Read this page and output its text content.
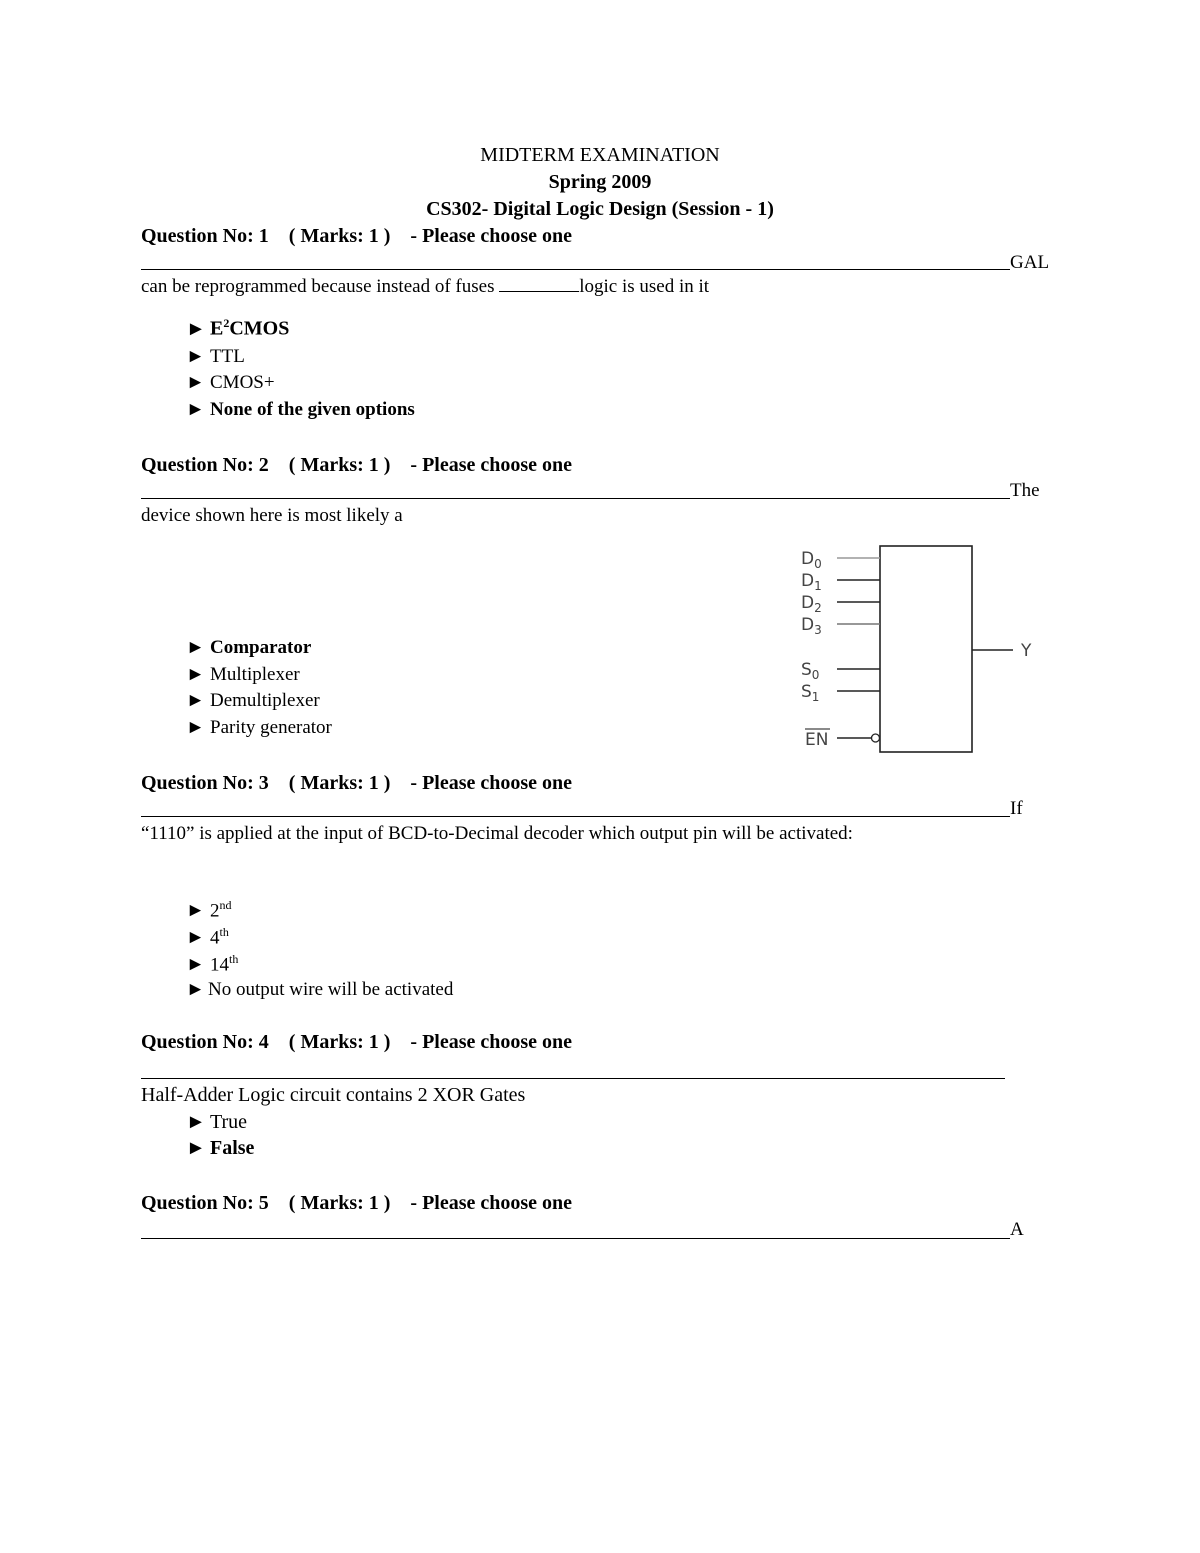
MIDTERM EXAMINATION
Spring 2009
CS302- Digital Logic Design (Session - 1)
Question No: 1    ( Marks: 1 )    - Please choose one
GAL
can be reprogrammed because instead of fuses	logic is used in it
► $E^2CMOS$
► TTL
► CMOS+
► None of the given options
Question No: 2    ( Marks: 1 )    - Please choose one
The
device shown here is most likely a
► Comparator
► Multiplexer
► Demultiplexer
► Parity generator
$D_0$
$D_1$
$D_2$
$D_3$
$S_0$
$S_1$
EN
Y
Question No: 3    ( Marks: 1 )    - Please choose one
If
“1110” is applied at the input of BCD-to-Decimal decoder which output pin will be activated:
► 2nd
► 4th
► 14th
► No output wire will be activated
Question No: 4    ( Marks: 1 )    - Please choose one
Half-Adder Logic circuit contains 2 XOR Gates
► True
► False
Question No: 5    ( Marks: 1 )    - Please choose one
A
